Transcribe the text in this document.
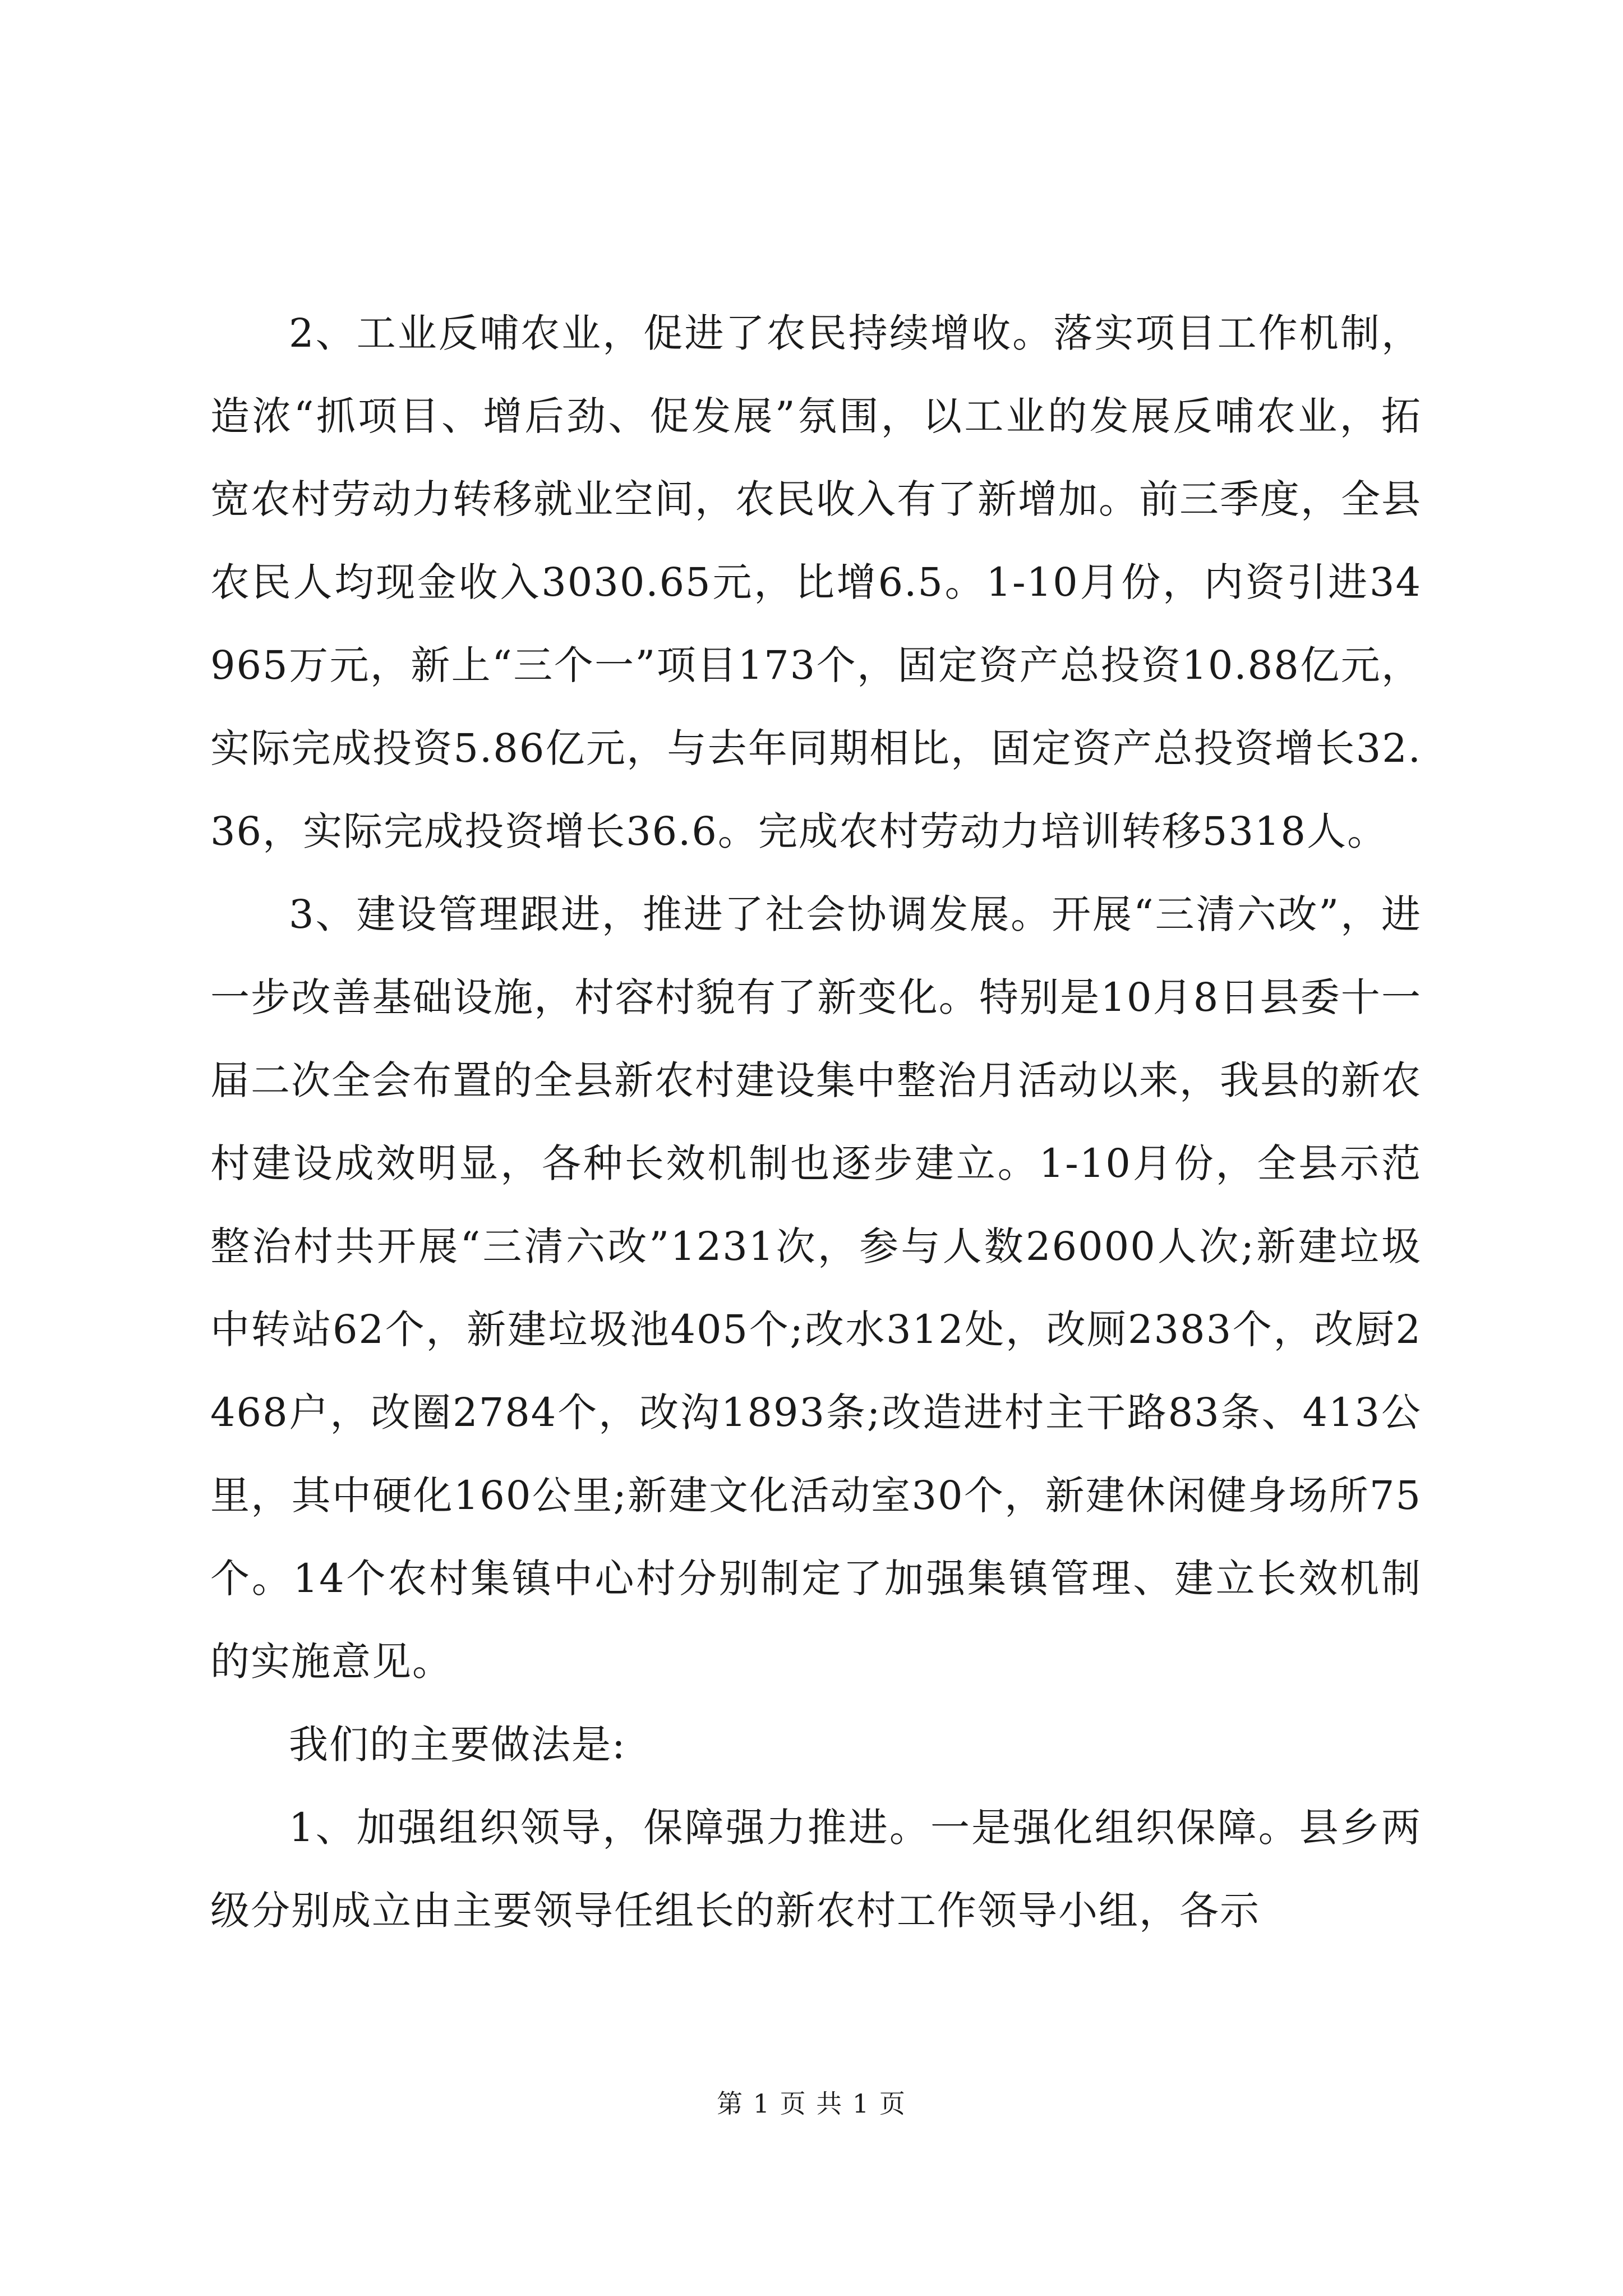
2、工业反哺农业，促进了农民持续增收。落实项目工作机制，造浓“抓项目、增后劲、促发展”氛围，以工业的发展反哺农业，拓宽农村劳动力转移就业空间，农民收入有了新增加。前三季度，全县农民人均现金收入3030.65元，比增6.5。1-10月份，内资引进34965万元，新上“三个一”项目173个，固定资产总投资10.88亿元，实际完成投资5.86亿元，与去年同期相比，固定资产总投资增长32.36，实际完成投资增长36.6。完成农村劳动力培训转移5318人。

3、建设管理跟进，推进了社会协调发展。开展“三清六改”，进一步改善基础设施，村容村貌有了新变化。特别是10月8日县委十一届二次全会布置的全县新农村建设集中整治月活动以来，我县的新农村建设成效明显，各种长效机制也逐步建立。1-10月份，全县示范整治村共开展“三清六改”1231次，参与人数26000人次;新建垃圾中转站62个，新建垃圾池405个;改水312处，改厕2383个，改厨2468户，改圈2784个，改沟1893条;改造进村主干路83条、413公里，其中硬化160公里;新建文化活动室30个，新建休闲健身场所75个。14个农村集镇中心村分别制定了加强集镇管理、建立长效机制的实施意见。

我们的主要做法是:

1、加强组织领导，保障强力推进。一是强化组织保障。县乡两级分别成立由主要领导任组长的新农村工作领导小组，各示

第 1 页 共 1 页
